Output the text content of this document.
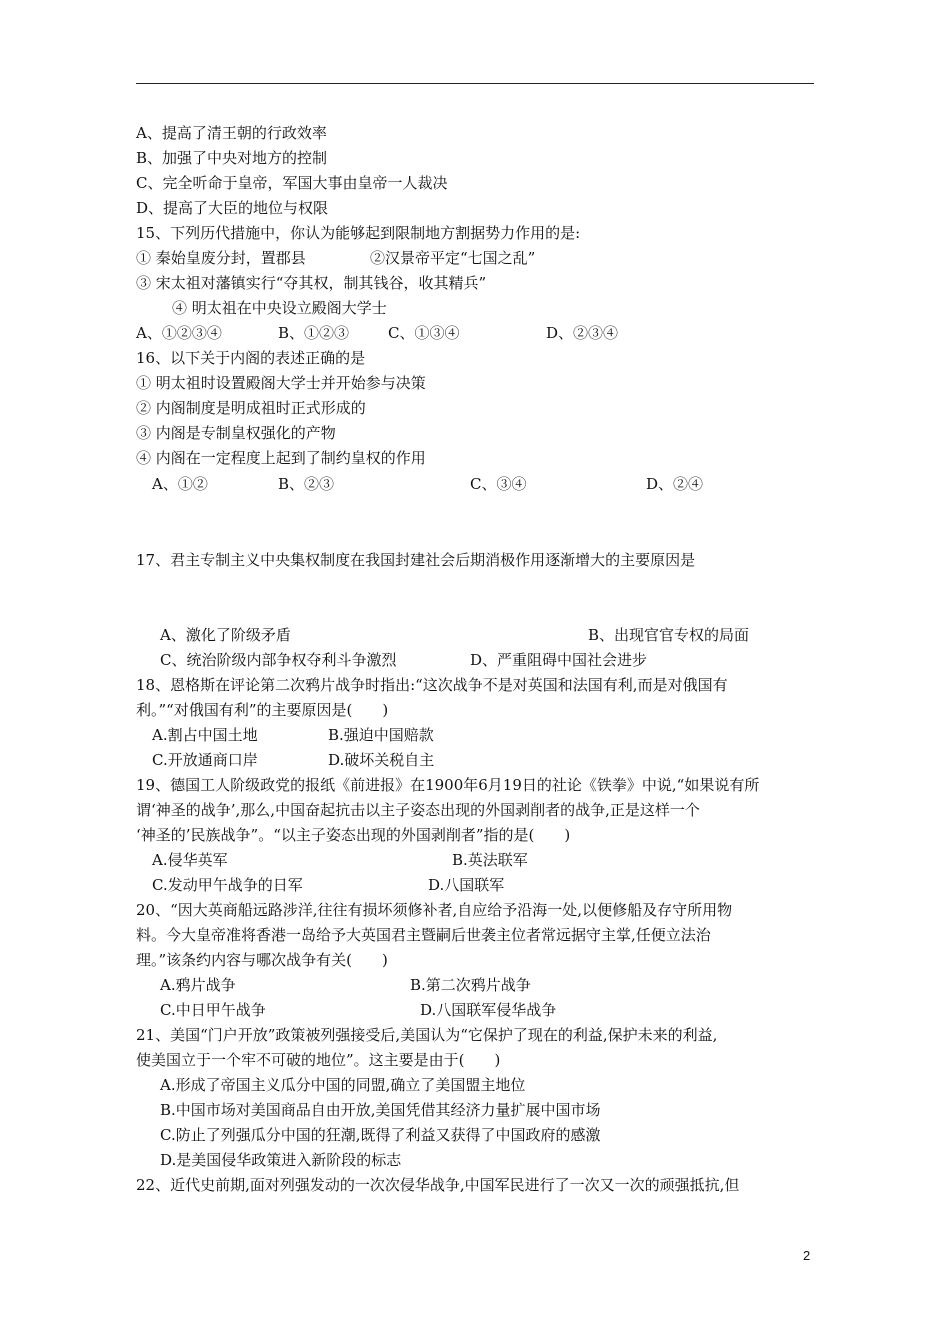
A、提高了清王朝的行政效率
B、加强了中央对地方的控制
C、完全听命于皇帝，军国大事由皇帝一人裁决
D、提高了大臣的地位与权限
15、下列历代措施中，你认为能够起到限制地方割据势力作用的是:
① 秦始皇废分封，置郡县	②汉景帝平定“七国之乱”
③ 宋太祖对藩镇实行“夺其权，制其钱谷，收其精兵”
④ 明太祖在中央设立殿阁大学士
A、①②③④	B、①②③	C、①③④	D、②③④
16、以下关于内阁的表述正确的是
① 明太祖时设置殿阁大学士并开始参与决策
② 内阁制度是明成祖时正式形成的
③ 内阁是专制皇权强化的产物
④ 内阁在一定程度上起到了制约皇权的作用
A、①②	B、②③	C、③④	D、②④
17、君主专制主义中央集权制度在我国封建社会后期消极作用逐渐增大的主要原因是
A、激化了阶级矛盾	B、出现官官专权的局面
C、统治阶级内部争权夺利斗争激烈	D、严重阻碍中国社会进步
18、恩格斯在评论第二次鸦片战争时指出:“这次战争不是对英国和法国有利,而是对俄国有
利。”“对俄国有利”的主要原因是(　　)
A.割占中国土地	B.强迫中国赔款
C.开放通商口岸	D.破坏关税自主
19、德国工人阶级政党的报纸《前进报》在1900年6月19日的社论《铁拳》中说,“如果说有所
谓‘神圣的战争’,那么,中国奋起抗击以主子姿态出现的外国剥削者的战争,正是这样一个
‘神圣的’民族战争”。“以主子姿态出现的外国剥削者”指的是(　　)
A.侵华英军	B.英法联军
C.发动甲午战争的日军	D.八国联军
20、“因大英商船远路涉洋,往往有损坏须修补者,自应给予沿海一处,以便修船及存守所用物
料。今大皇帝准将香港一岛给予大英国君主暨嗣后世袭主位者常远据守主掌,任便立法治
理。”该条约内容与哪次战争有关(　　)
A.鸦片战争	B.第二次鸦片战争
C.中日甲午战争	D.八国联军侵华战争
21、美国“门户开放”政策被列强接受后,美国认为“它保护了现在的利益,保护未来的利益,
使美国立于一个牢不可破的地位”。这主要是由于(　　)
A.形成了帝国主义瓜分中国的同盟,确立了美国盟主地位
B.中国市场对美国商品自由开放,美国凭借其经济力量扩展中国市场
C.防止了列强瓜分中国的狂潮,既得了利益又获得了中国政府的感激
D.是美国侵华政策进入新阶段的标志
22、近代史前期,面对列强发动的一次次侵华战争,中国军民进行了一次又一次的顽强抵抗,但
2
